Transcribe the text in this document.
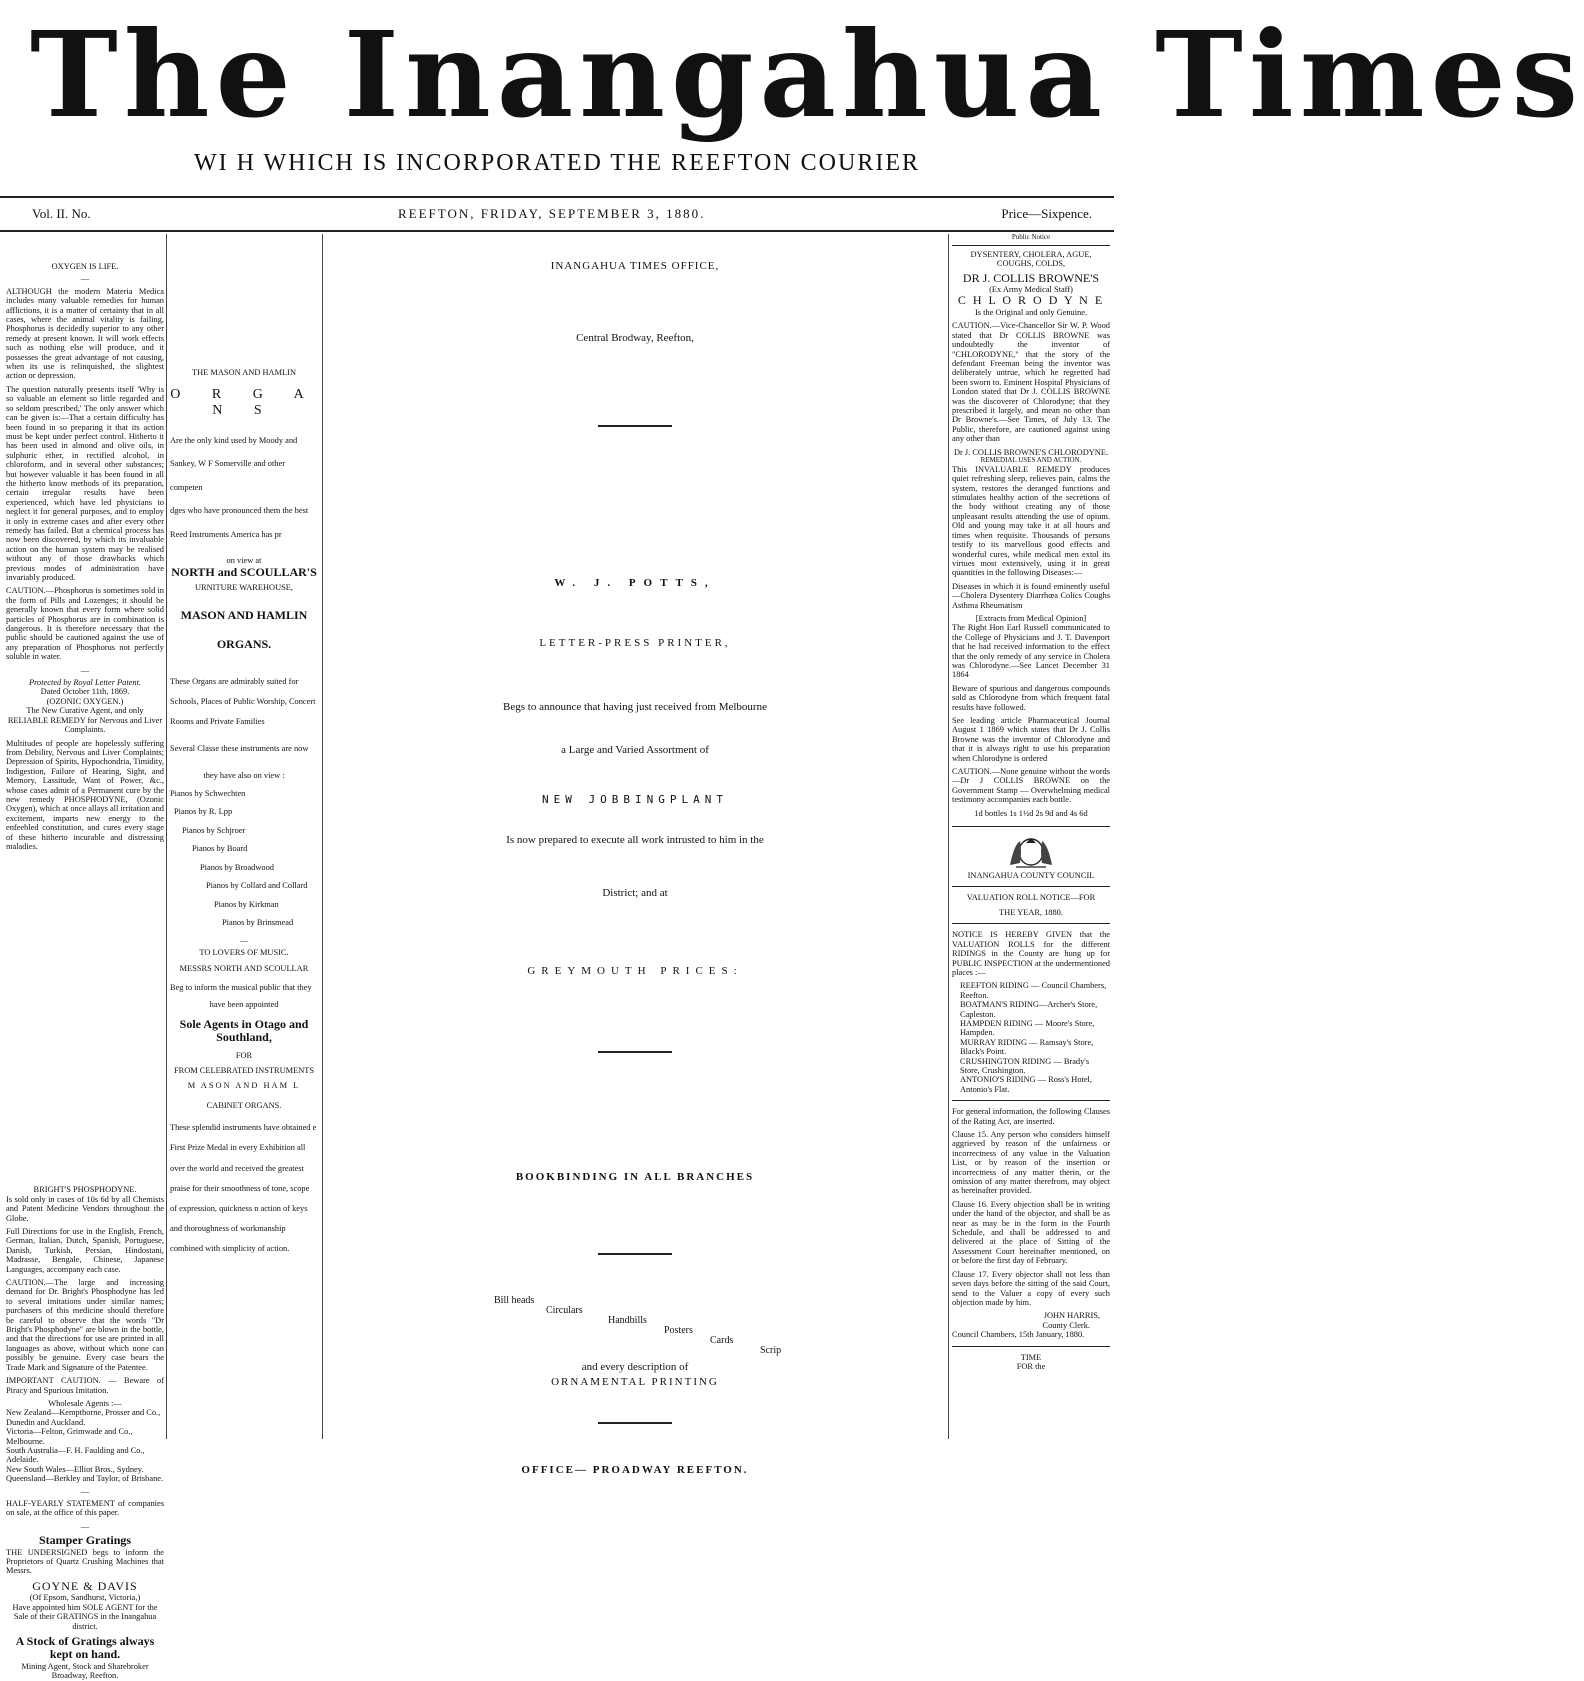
The Inangahua Times
WI H WHICH IS INCORPORATED THE REEFTON COURIER
Vol. II. No.	REEFTON, FRIDAY, SEPTEMBER 3, 1880.	Price—Sixpence.
OXYGEN IS LIFE.
—

ALTHOUGH the modern Materia Medica includes many valuable remedies for human afflictions, it is a matter of certainty that in all cases, where the animal vitality is failing, Phosphorus is decidedly superior to any other remedy at present known. It will work effects such as nothing else will produce, and it possesses the great advantage of not causing, when its use is relinquished, the slightest action or depression.

The question naturally presents itself 'Why is so valuable an element so little regarded and so seldom prescribed,' The only answer which can be given is:—That a certain difficulty has been found in so preparing it that its action must be kept under perfect control. Hitherto it has been used in almond and olive oils, in sulphuric ether, in rectified alcohol, in chloroform, and in several other substances; but however valuable it has been found in all the hitherto know methods of its preparation, certain irregular results have been experienced, which have led physicians to neglect it for general purposes, and to employ it only in extreme cases and after every other remedy has failed. But a chemical process has now been discovered, by which its invaluable action on the human system may be realised without any of those drawbacks which previous modes of administration have invariably produced.

CAUTION.—Phosphorus is sometimes sold in the form of Pills and Lozenges; it should be generally known that every form where solid particles of Phosphorus are in combination is dangerous. It is therefore necessary that the public should be cautioned against the use of any preparation of Phosphorus not perfectly soluble in water.

—
Protected by Royal Letter Patent.
Dated October 11th, 1869.
(OZONIC OXYGEN.)

The New Curative Agent, and only RELIABLE REMEDY for Nervous and Liver Complaints.

Multitudes of people are hopelessly suffering from Debility, Nervous and Liver Complaints; Depression of Spirits, Hypochondria, Timidity, Indigestion, Failure of Hearing, Sight, and Memory, Lassitude, Want of Power, &c., whose cases admit of a Permanent cure by the new remedy PHOSPHODYNE, (Ozonic Oxygen), which at once allays all irritation and excitement, imparts new energy to the enfeebled constitution, and cures every stage of these hitherto incurable and distressing maladies.

BRIGHT'S PHOSPHODYNE.

Is sold only in cases of 10s 6d by all Chemists and Patent Medicine Vendors throughout the Globe.

Full Directions for use in the English, French, German, Italian, Dutch, Spanish, Portuguese, Danish, Turkish, Persian, Hindostani, Madrasse, Bengale, Chinese, Japanese Languages, accompany each case.

CAUTION.—The large and increasing demand for Dr. Bright's Phosphodyne has led to several imitations under similar names; purchasers of this medicine should therefore be careful to observe that the words "Dr Bright's Phosphodyne" are blown in the bottle, and that the directions for use are printed in all languages as above, without which none can possibly be genuine. Every case bears the Trade Mark and Signature of the Patentee.

IMPORTANT CAUTION. — Beware of Piracy and Spurious Imitation.

Wholesale Agents :—
New Zealand—Kempthorne, Prosser and Co., Dunedin and Auckland.
Victoria—Felton, Grimwade and Co., Melbourne.
South Australia—F. H. Faulding and Co., Adelaide.
New South Wales—Elliot Bros., Sydney.
Queensland—Berkley and Taylor, of Brisbane.
—

HALF-YEARLY STATEMENT of companies on sale, at the office of this paper.

—
Stamper Gratings

THE UNDERSIGNED begs to inform the Proprietors of Quartz Crushing Machines that Messrs.

GOYNE & DAVIS
(Of Epsom, Sandhurst, Victoria,)

Have appointed him SOLE AGENT for the Sale of their GRATINGS in the Inangahua district.

A Stock of Gratings always kept on hand.
Mining Agent, Stock and Sharebroker Broadway, Reefton.
THE MASON AND HAMLIN
O R G A N S
Are the only kind used by Moody and
Sankey, W F Somerville and other competen
dges who have pronounced them the best
Reed Instruments America has pr
on view at
NORTH and SCOULLAR'S
URNITURE WAREHOUSE,
MASON AND HAMLIN
ORGANS.

These Organs are admirably suited for Schools, Places of Public Worship, Concert Rooms and Private Families

Several Classe these instruments are now
they have also on view :
Pianos by Schwechten
Pianos by R. Lpp
Pianos by Schjroer
Pianos by Board
Pianos by Broadwood
Pianos by Collard and Collard
Pianos by Kirkman
Pianos by Brinsmead
—
TO LOVERS OF MUSIC.
MESSRS NORTH AND SCOULLAR
Beg to inform the musical public that they
have been appointed
Sole Agents in Otago and Southland,
FOR
FROM CELEBRATED INSTRUMENTS
M ASON AND HAM L
CABINET ORGANS.

These splendid instruments have obtained e First Prize Medal in every Exhibition all over the world and received the greatest praise for their smoothness of tone, scope of expression, quickness n action of keys and thoroughness of workmanship combined with simplicity of action.

INANGAHUA TIMES OFFICE,
Central Brodway, Reefton,
W. J. POTTS,
LETTER-PRESS PRINTER,
Begs to announce that having just received from Melbourne
a Large and Varied Assortment of
NEW JOBBINGPLANT
Is now prepared to execute all work intrusted to him in the
District; and at
GREYMOUTH PRICES:
BOOKBINDING IN ALL BRANCHES
Bill heads
Circulars
Handbills
Posters
Cards
Scrip
and every description of
ORNAMENTAL PRINTING
OFFICE— PROADWAY REEFTON.
Public Notice
DYSENTERY, CHOLERA, AGUE, COUGHS, COLDS,
DR J. COLLIS BROWNE'S
(Ex Army Medical Staff)
C H L O R O D Y N E
Is the Original and only Genuine.

CAUTION.—Vice-Chancellor Sir W. P. Wood stated that Dr COLLIS BROWNE was undoubtedly the inventor of "CHLORODYNE," that the story of the defendant Freeman being the inventor was deliberately untrue, which he regretted had been sworn to. Eminent Hospital Physicians of London stated that Dr J. COLLIS BROWNE was the discoverer of Chlorodyne; that they prescribed it largely, and mean no other than Dr Browne's.—See Times, of July 13. The Public, therefore, are cautioned against using any other than

Dr J. COLLIS BROWNE'S CHLORODYNE.
REMEDIAL USES AND ACTION.

This INVALUABLE REMEDY produces quiet refreshing sleep, relieves pain, calms the system, restores the deranged functions and stimulates healthy action of the secretions of the body without creating any of those unpleasant results attending the use of opium. Old and young may take it at all hours and times when requisite. Thousands of persons testify to its marvellous good effects and wonderful cures, while medical men extol its virtues most extensively, using it in great quantities in the following Diseases:—

Diseases in which it is found eminently useful—Cholera Dysentery Diarrhœa Colics Coughs Asthma Rheumatism

[Extracts from Medical Opinion]

The Right Hon Earl Russell communicated to the College of Physicians and J. T. Davenport that he had received information to the effect that the only remedy of any service in Cholera was Chlorodyne.—See Lancet December 31 1864

Beware of spurious and dangerous compounds sold as Chlorodyne from which frequent fatal results have followed.

See leading article Pharmaceutical Journal August 1 1869 which states that Dr J. Collis Browne was the inventor of Chlorodyne and that it is always right to use his preparation when Chlorodyne is ordered

CAUTION.—None genuine without the words—Dr J COLLIS BROWNE on the Government Stamp — Overwhelming medical testimony accompanies each bottle.

1d bottles 1s 1½d 2s 9d and 4s 6d
INANGAHUA COUNTY COUNCIL
VALUATION ROLL NOTICE—FOR
THE YEAR, 1880.

NOTICE IS HEREBY GIVEN that the VALUATION ROLLS for the different RIDINGS in the County are hung up for PUBLIC INSPECTION at the undermentioned places :—

REEFTON RIDING — Council Chambers, Reefton.
BOATMAN'S RIDING—Archer's Store, Capleston.
HAMPDEN RIDING — Moore's Store, Hampden.
MURRAY RIDING — Ramsay's Store, Black's Point.
CRUSHINGTON RIDING — Brady's Store, Crushington.
ANTONIO'S RIDING — Ross's Hotel, Antonio's Flat.

For general information, the following Clauses of the Rating Act, are inserted.

Clause 15. Any person who considers himself aggrieved by reason of the unfairness or incorrectness of any value in the Valuation List, or by reason of the insertion or incorrectness of any matter therin, or the omission of any matter therefrom, may object as hereinafter provided.

Clause 16. Every objection shall be in writing under the hand of the objector, and shall be as near as may be in the form in the Fourth Schedule, and shall be addressed to and delivered at the place of Sitting of the Assessment Court hereinafter mentioned, on or before the first day of February.

Clause 17. Every objector shall not less than seven days before the sitting of the said Court, send to the Valuer a copy of every such objection made by him.

JOHN HARRIS,
County Clerk.
Council Chambers, 15th January, 1880.
TIME
FOR the
